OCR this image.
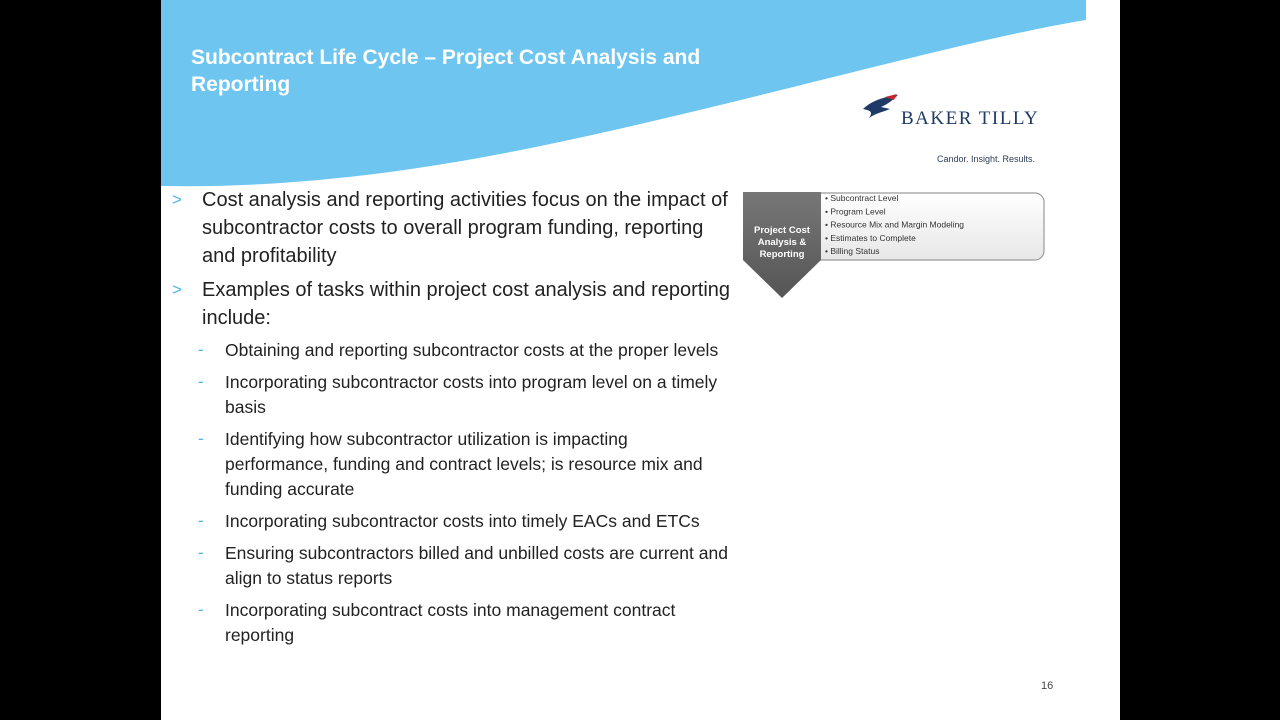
Subcontract Life Cycle – Project Cost Analysis and Reporting
BAKER TILLY
Candor. Insight. Results.
> Cost analysis and reporting activities focus on the impact of subcontractor costs to overall program funding, reporting and profitability
> Examples of tasks within project cost analysis and reporting include:
- Obtaining and reporting subcontractor costs at the proper levels
- Incorporating subcontractor costs into program level on a timely basis
- Identifying how subcontractor utilization is impacting performance, funding and contract levels; is resource mix and funding accurate
- Incorporating subcontractor costs into timely EACs and ETCs
- Ensuring subcontractors billed and unbilled costs are current and align to status reports
- Incorporating subcontract costs into management contract reporting
Project Cost
Analysis &
Reporting
• Subcontract Level
• Program Level
• Resource Mix and Margin Modeling
• Estimates to Complete
• Billing Status
16
